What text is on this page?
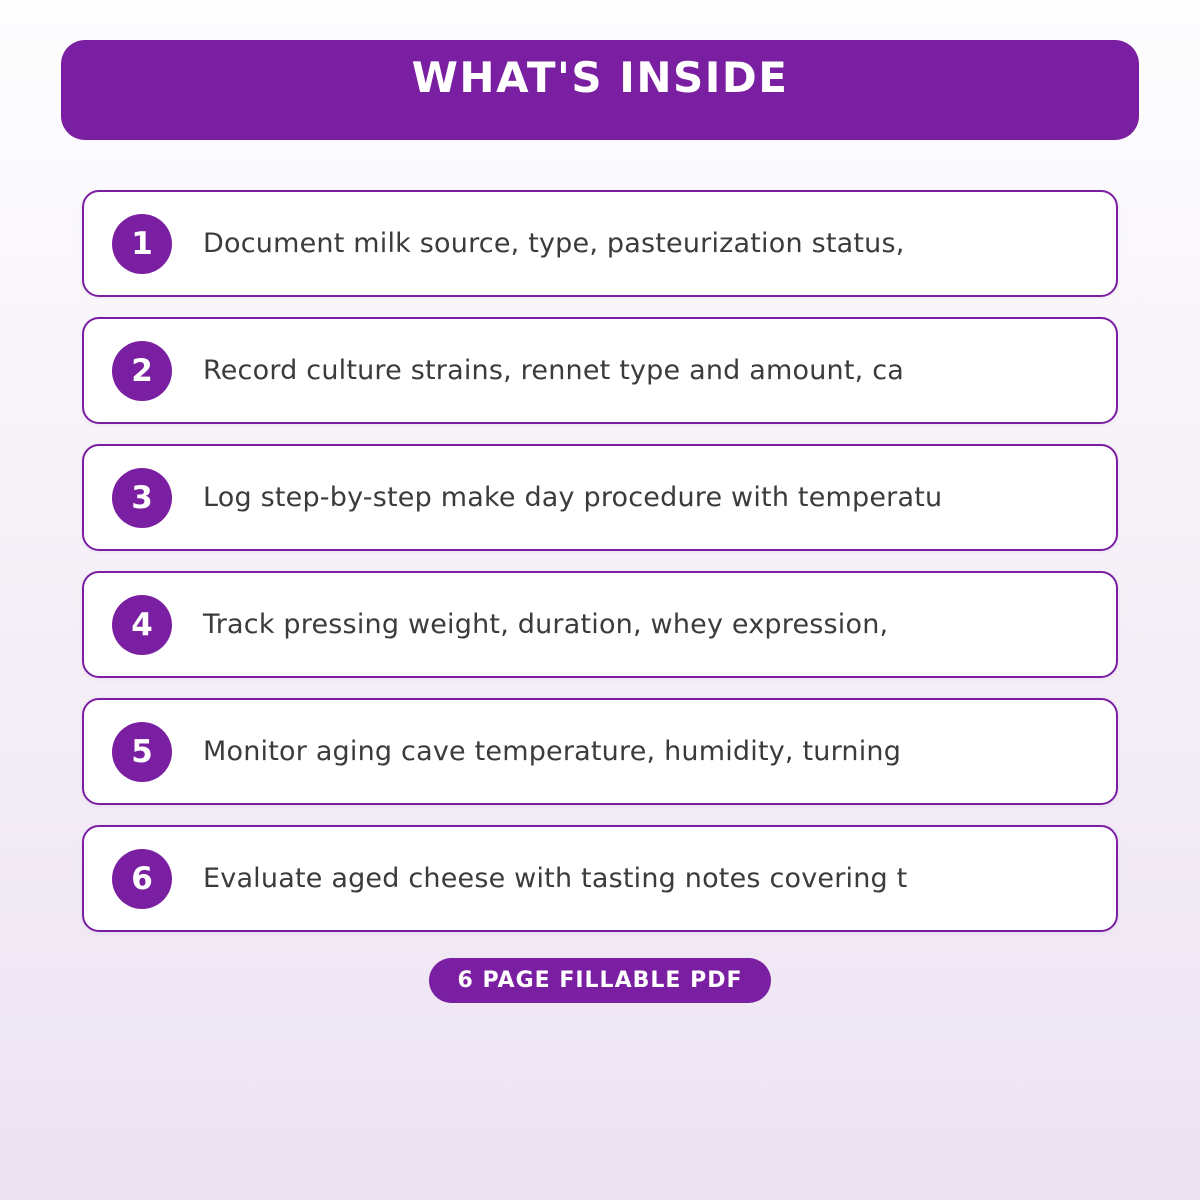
WHAT'S INSIDE
1	Document milk source, type, pasteurization status,
2	Record culture strains, rennet type and amount, ca
3	Log step-by-step make day procedure with temperatu
4	Track pressing weight, duration, whey expression,
5	Monitor aging cave temperature, humidity, turning
6	Evaluate aged cheese with tasting notes covering t
6 PAGE FILLABLE PDF
